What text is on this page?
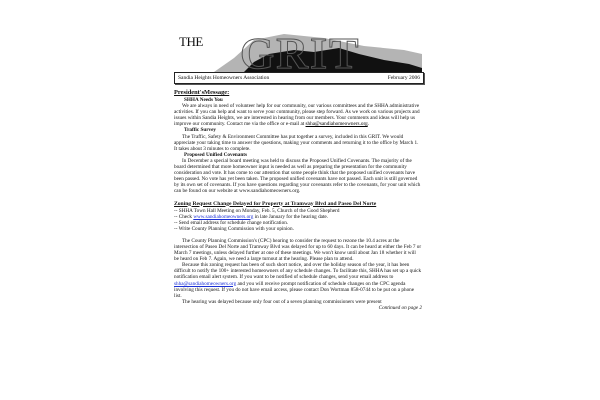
GRIT
THE
Sandia Heights Homeowners Association	February 2006
President'sMessage:
SHHA Needs You

We are always in need of volunteer help for our community, our various committees and the SHHA administrative activities. If you can help and want to serve your community, please step forward. As we work on various projects and issues within Sandia Heights, we are interested in hearing from our members. Your comments and ideas will help us improve our community. Contact me via the office or e-mail at shha@sandiahomeowners.org.

Traffic Survey

The Traffic, Safety & Environment Committee has put together a survey, included in this GRIT. We would appreciate your taking time to answer the questions, making your comments and returning it to the office by March 1. It takes about 3 minutes to complete.

Proposed Unified Covenants

In December a special board meeting was held to discuss the Proposed Unified Covenants. The majority of the board determined that more homeowner input is needed as well as preparing the presentation for the community consideration and vote. It has come to our attention that some people think that the proposed unified covenants have been passed. No vote has yet been taken. The proposed unified covenants have not passed. Each unit is still governed by its own set of covenants. If you have questions regarding your covenants refer to the covenants, for your unit which can be found on our website at www.sandiahomeowners.org.

Zoning Request Change Delayed for Property at Tramway Blvd and Paseo Del Norte

-- SHHA Town Hall Meeting on Monday, Feb. 5, Church of the Good Shepherd

-- Check www.sandiahomeowners.org in late January for the hearing date.

-- Send email address for schedule change notification.

-- Write County Planning Commission with your opinion.

The County Planning Commission's (CPC) hearing to consider the request to rezone the 10.4 acres at the intersection of Paseo Del Norte and Tramway Blvd was delayed for up to 60 days. It can be heard at either the Feb 7 or March 7 meetings, unless delayed further at one of these meetings. We won't know until about Jan 18 whether it will be heard on Feb 7. Again, we need a large turnout at the hearing. Please plan to attend.

Because this zoning request has been of such short notice, and over the holiday season of the year, it has been difficult to notify the 100+ interested homeowners of any schedule changes. To facilitate this, SHHA has set up a quick notification email alert system. If you want to be notified of schedule changes, send your email address to shha@sandiahomeowners.org and you will receive prompt notification of schedule changes on the CPC agenda involving this request. If you do not have email access, please contact Don Wortman 858-0744 to be put on a phone list.

The hearing was delayed because only four out of a seven planning commissioners were present

Continued on page 2
